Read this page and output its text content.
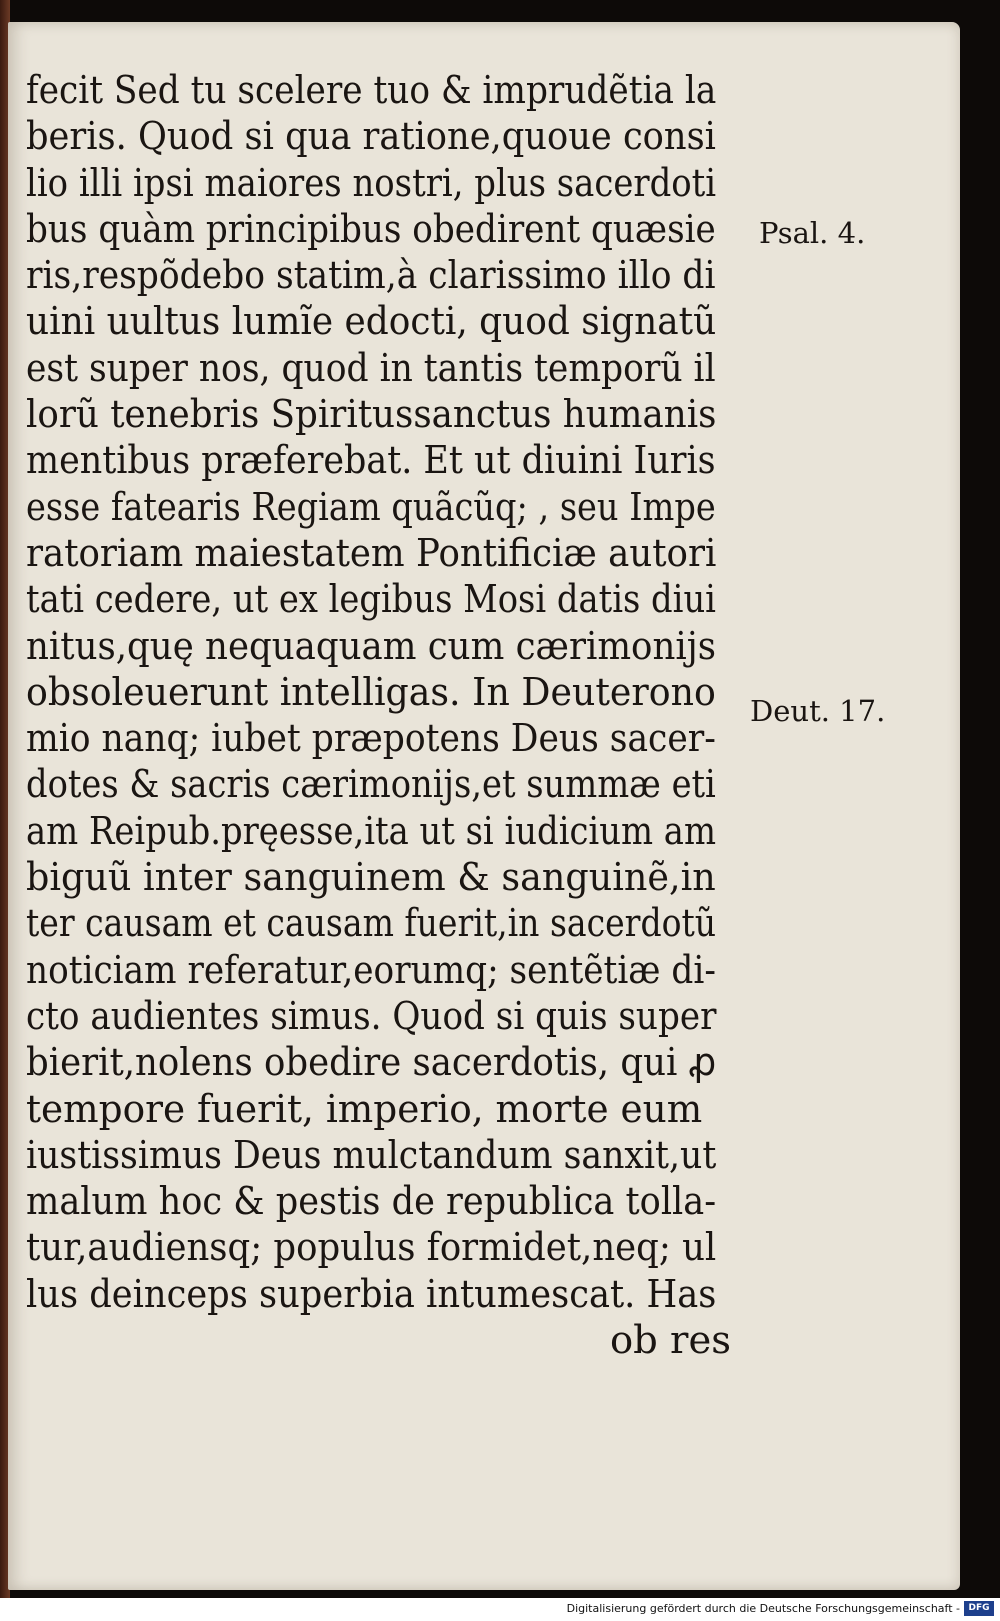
fecit Sed tu scelere tuo & imprudẽtia la
beris. Quod si qua ratione,quoue consi
lio illi ipsi maiores nostri, plus sacerdoti
bus quàm principibus obedirent quæsie
ris,respõdebo statim,à clarissimo illo di
uini uultus lumĩe edocti, quod signatũ
est super nos, quod in tantis temporũ il
lorũ tenebris Spiritussanctus humanis
mentibus præferebat. Et ut diuini Iuris
esse fatearis Regiam quãcũq; , seu Impe
ratoriam maiestatem Pontificiæ autori
tati cedere, ut ex legibus Mosi datis diui
nitus,quę nequaquam cum cærimonijs
obsoleuerunt intelligas. In Deuterono
mio nanq; iubet præpotens Deus sacer-
dotes & sacris cærimonijs,et summæ eti
am Reipub.pręesse,ita ut si iudicium am
biguũ inter sanguinem & sanguinẽ,in
ter causam et causam fuerit,in sacerdotũ
noticiam referatur,eorumq; sentẽtiæ di-
cto audientes simus. Quod si quis super
bierit,nolens obedire sacerdotis, qui ꝓ
tempore fuerit, imperio, morte eum
iustissimus Deus mulctandum sanxit,ut
malum hoc & pestis de republica tolla-
tur,audiensq; populus formidet,neq; ul
lus deinceps superbia intumescat. Has
ob res
Psal. 4.
Deut. 17.
Digitalisierung gefördert durch die Deutsche Forschungsgemeinschaft - DFG
